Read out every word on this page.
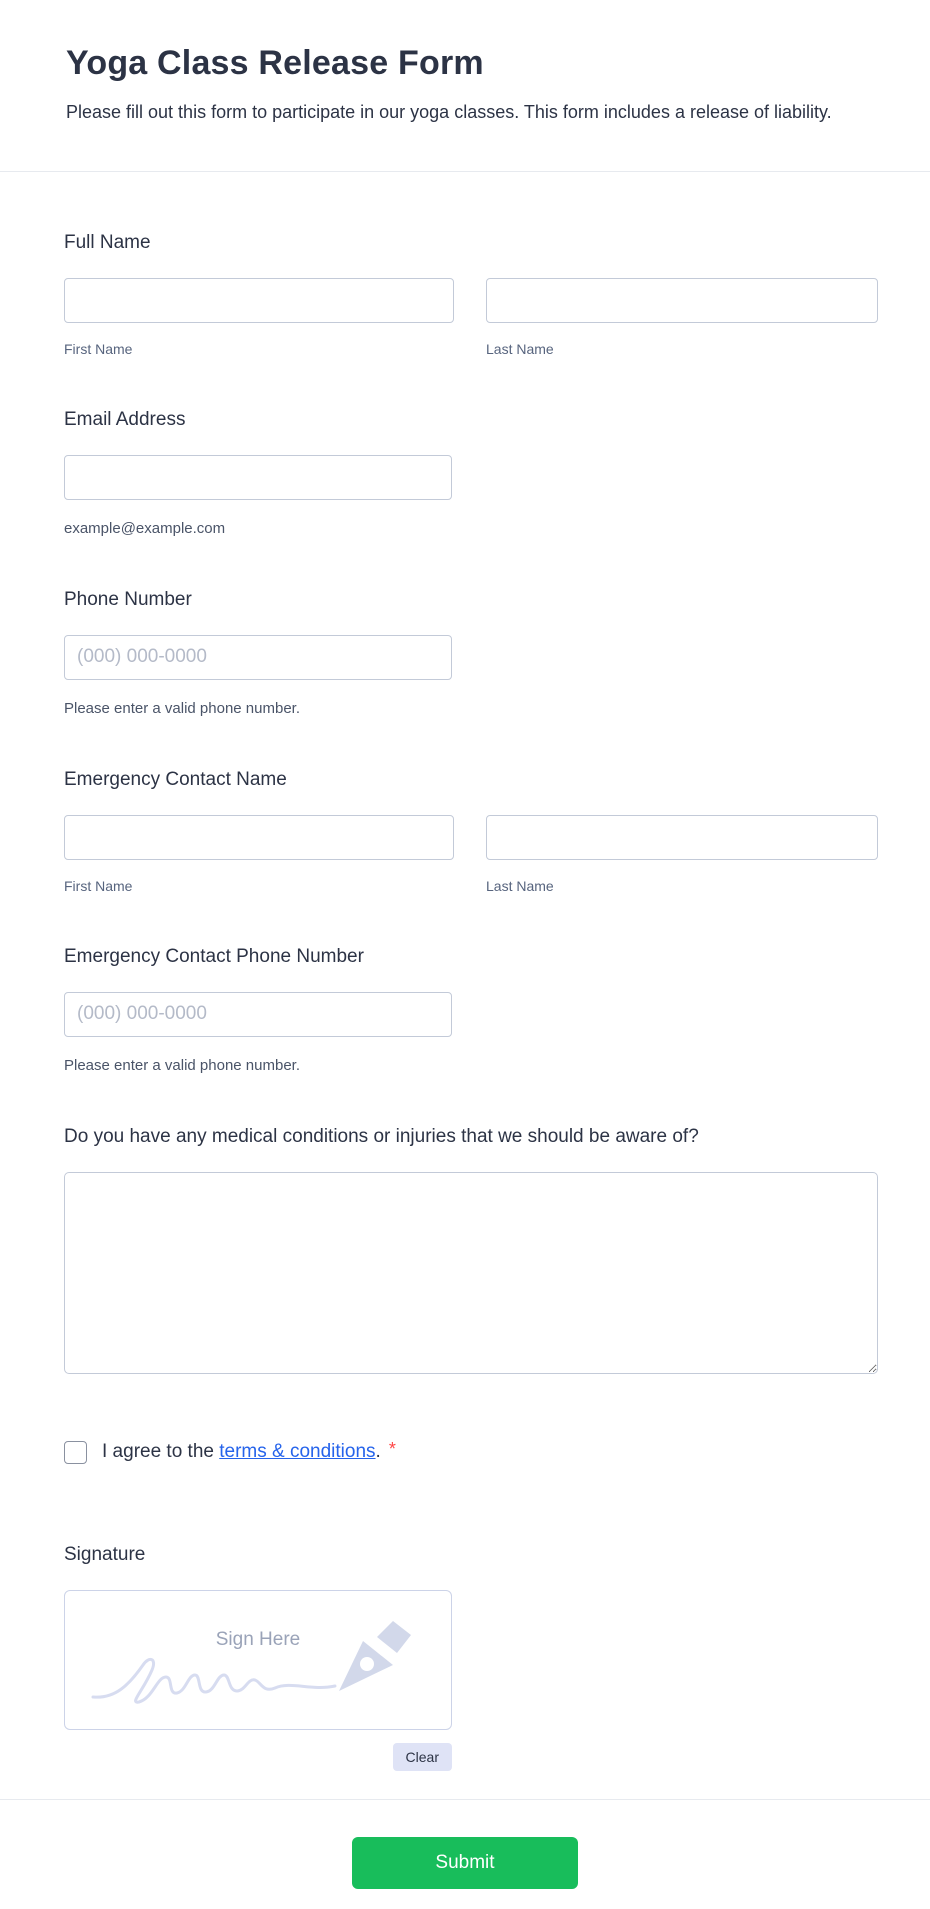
Yoga Class Release Form
Please fill out this form to participate in our yoga classes. This form includes a release of liability.
Full Name
First Name	Last Name
Email Address
example@example.com
Phone Number
(000) 000-0000
Please enter a valid phone number.
Emergency Contact Name
First Name	Last Name
Emergency Contact Phone Number
(000) 000-0000
Please enter a valid phone number.
Do you have any medical conditions or injuries that we should be aware of?
I agree to the terms & conditions. *
Signature
Sign Here
Clear
Submit
